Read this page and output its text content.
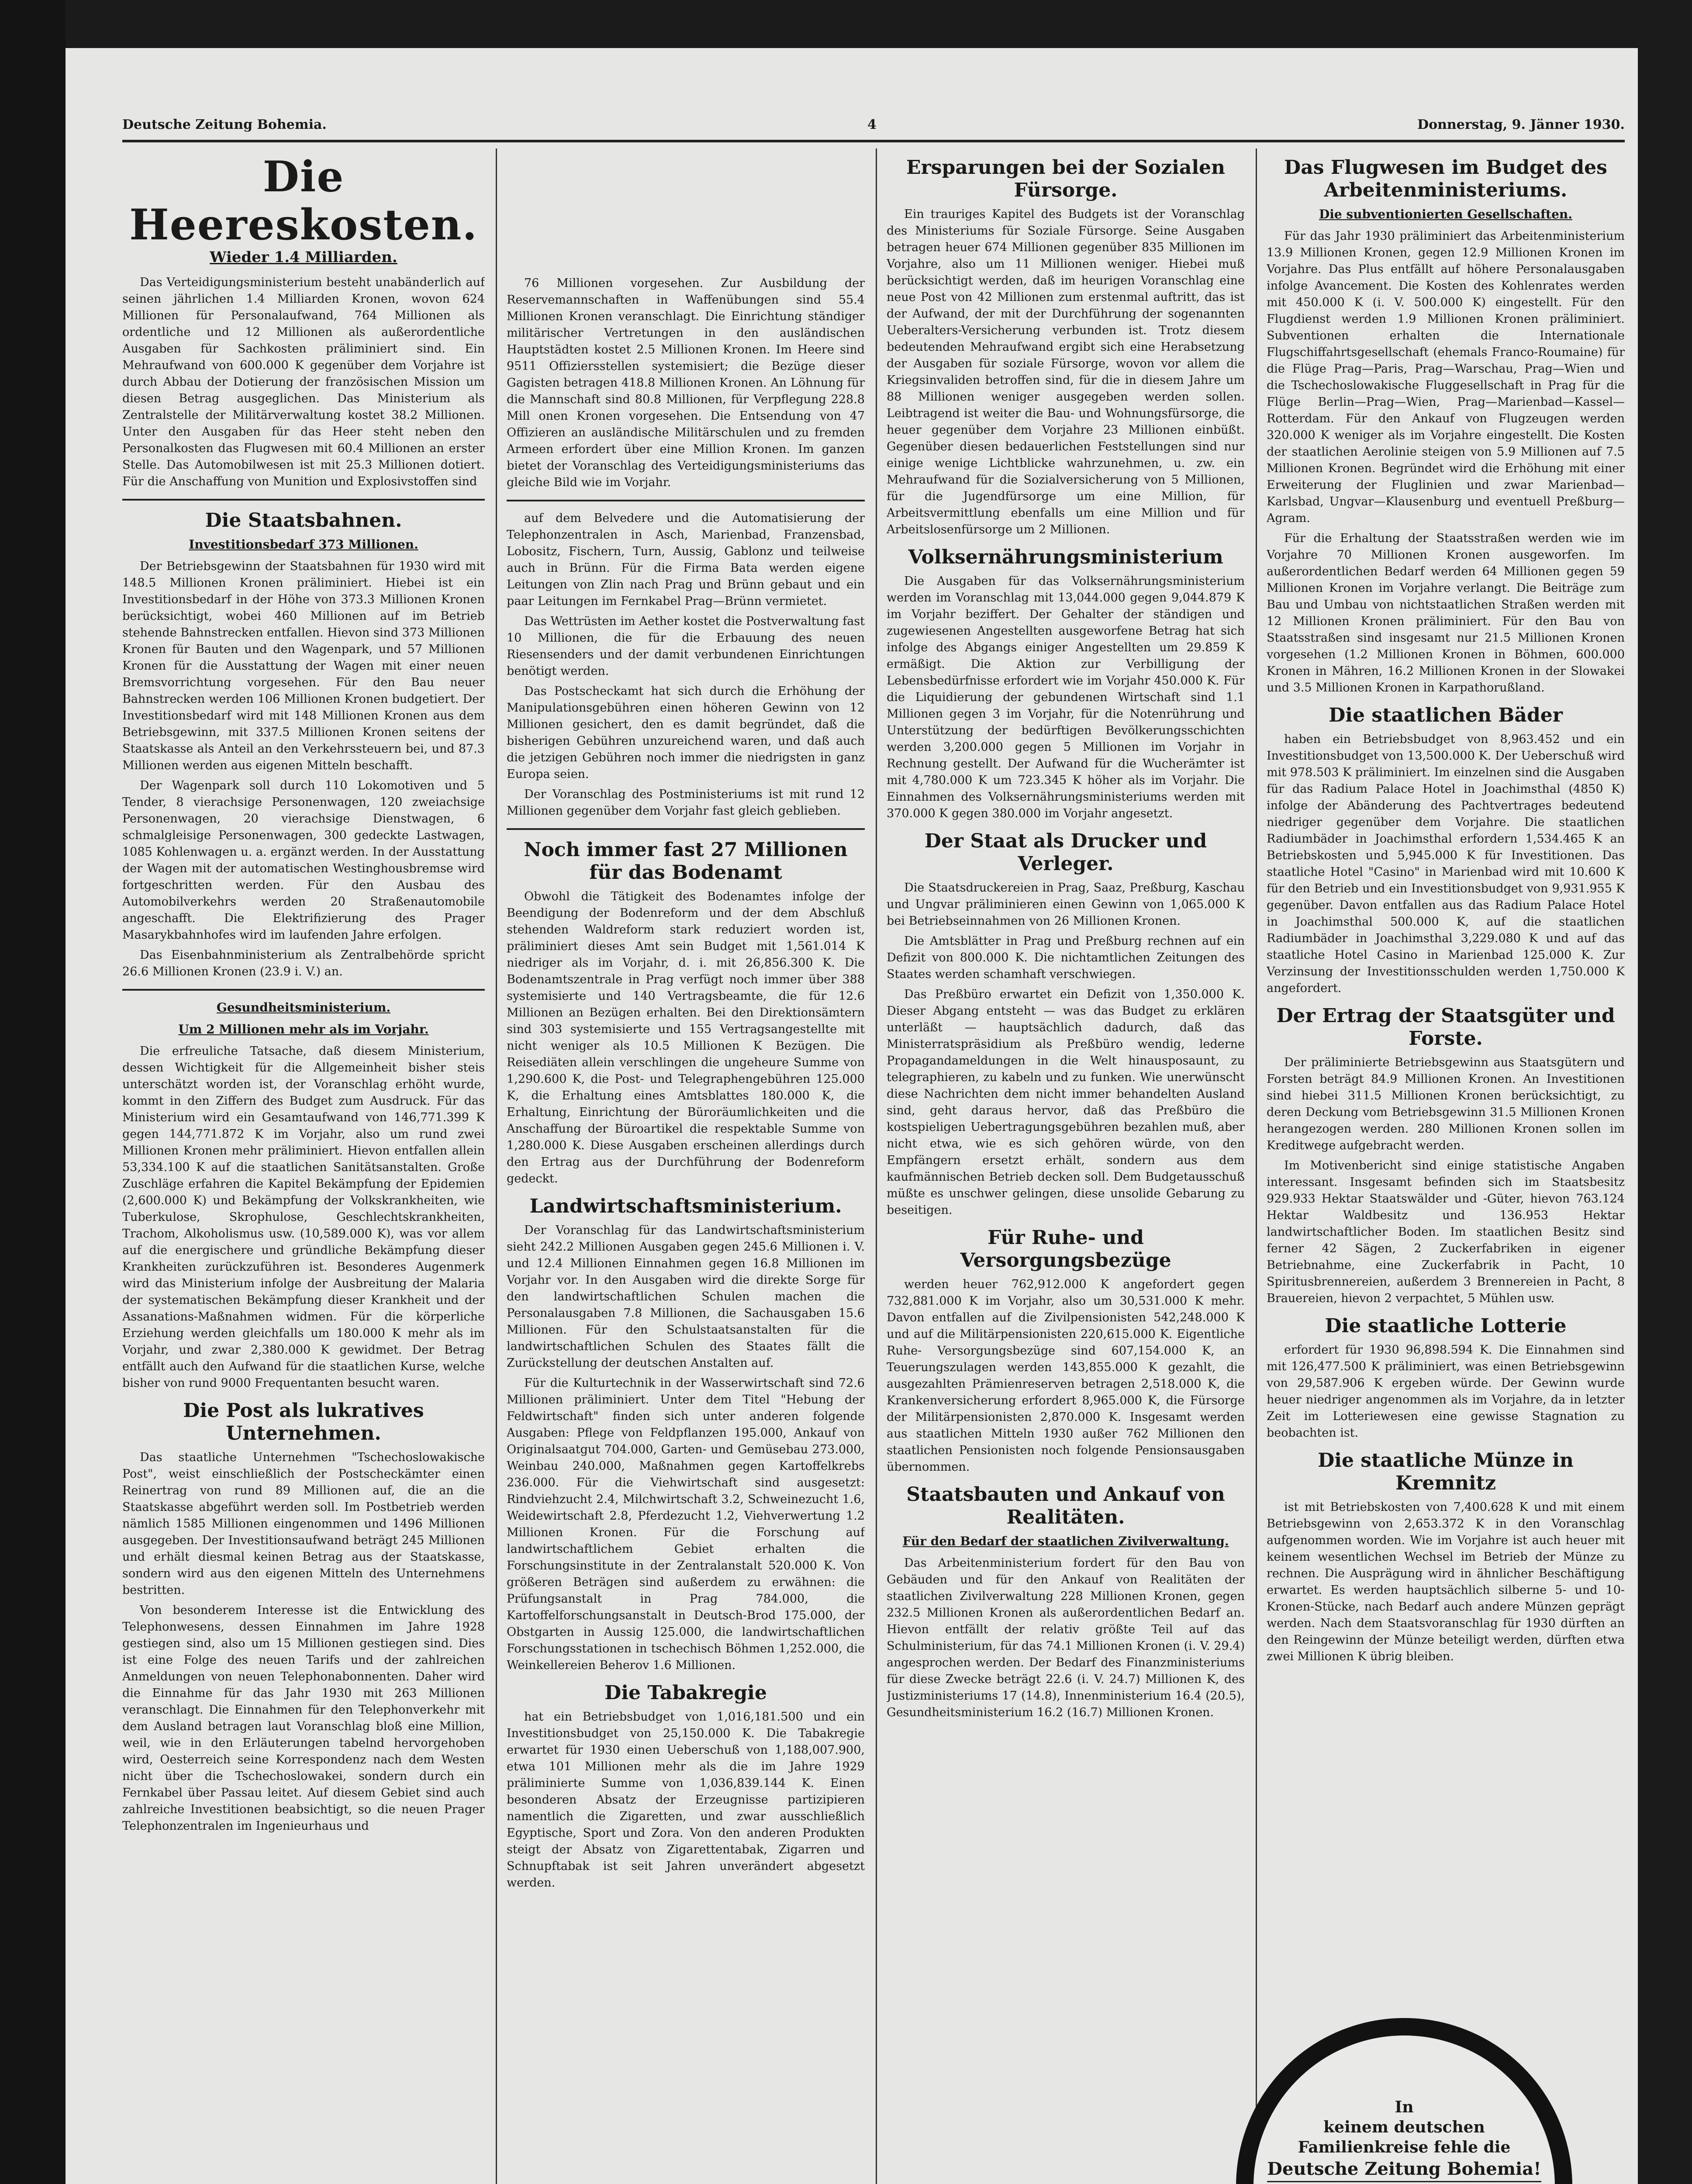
Deutsche Zeitung Bohemia.	4	Donnerstag, 9. Jänner 1930.
Die Heereskosten.
Wieder 1.4 Milliarden.

Das Verteidigungsministerium besteht unabänderlich auf seinen jährlichen 1.4 Milliarden Kronen, wovon 624 Millionen für Personalaufwand, 764 Millionen als ordentliche und 12 Millionen als außerordentliche Ausgaben für Sachkosten präliminiert sind. Ein Mehraufwand von 600.000 K gegenüber dem Vorjahre ist durch Abbau der Dotierung der französischen Mission um diesen Betrag ausgeglichen. Das Ministerium als Zentralstelle der Militärverwaltung kostet 38.2 Millionen. Unter den Ausgaben für das Heer steht neben den Personalkosten das Flugwesen mit 60.4 Millionen an erster Stelle. Das Automobilwesen ist mit 25.3 Millionen dotiert. Für die Anschaffung von Munition und Explosivstoffen sind

Die Staatsbahnen.
Investitionsbedarf 373 Millionen.

Der Betriebsgewinn der Staatsbahnen für 1930 wird mit 148.5 Millionen Kronen präliminiert. Hiebei ist ein Investitionsbedarf in der Höhe von 373.3 Millionen Kronen berücksichtigt, wobei 460 Millionen auf im Betrieb stehende Bahnstrecken entfallen. Hievon sind 373 Millionen Kronen für Bauten und den Wagenpark, und 57 Millionen Kronen für die Ausstattung der Wagen mit einer neuen Bremsvorrichtung vorgesehen. Für den Bau neuer Bahnstrecken werden 106 Millionen Kronen budgetiert. Der Investitionsbedarf wird mit 148 Millionen Kronen aus dem Betriebsgewinn, mit 337.5 Millionen Kronen seitens der Staatskasse als Anteil an den Verkehrssteuern bei, und 87.3 Millionen werden aus eigenen Mitteln beschafft.

Der Wagenpark soll durch 110 Lokomotiven und 5 Tender, 8 vierachsige Personenwagen, 120 zweiachsige Personenwagen, 20 vierachsige Dienstwagen, 6 schmalgleisige Personenwagen, 300 gedeckte Lastwagen, 1085 Kohlenwagen u. a. ergänzt werden. In der Ausstattung der Wagen mit der automatischen Westinghousbremse wird fortgeschritten werden. Für den Ausbau des Automobilverkehrs werden 20 Straßenautomobile angeschafft. Die Elektrifizierung des Prager Masarykbahnhofes wird im laufenden Jahre erfolgen.

Das Eisenbahnministerium als Zentralbehörde spricht 26.6 Millionen Kronen (23.9 i. V.) an.

Gesundheitsministerium.
Um 2 Millionen mehr als im Vorjahr.

Die erfreuliche Tatsache, daß diesem Ministerium, dessen Wichtigkeit für die Allgemeinheit bisher steis unterschätzt worden ist, der Voranschlag erhöht wurde, kommt in den Ziffern des Budget zum Ausdruck. Für das Ministerium wird ein Gesamtaufwand von 146,771.399 K gegen 144,771.872 K im Vorjahr, also um rund zwei Millionen Kronen mehr präliminiert. Hievon entfallen allein 53,334.100 K auf die staatlichen Sanitätsanstalten. Große Zuschläge erfahren die Kapitel Bekämpfung der Epidemien (2,600.000 K) und Bekämpfung der Volkskrankheiten, wie Tuberkulose, Skrophulose, Geschlechtskrankheiten, Trachom, Alkoholismus usw. (10,589.000 K), was vor allem auf die energischere und gründliche Bekämpfung dieser Krankheiten zurückzuführen ist. Besonderes Augenmerk wird das Ministerium infolge der Ausbreitung der Malaria der systematischen Bekämpfung dieser Krankheit und der Assanations-Maßnahmen widmen. Für die körperliche Erziehung werden gleichfalls um 180.000 K mehr als im Vorjahr, und zwar 2,380.000 K gewidmet. Der Betrag entfällt auch den Aufwand für die staatlichen Kurse, welche bisher von rund 9000 Frequentanten besucht waren.

Die Post als lukratives Unternehmen.

Das staatliche Unternehmen "Tschechoslowakische Post", weist einschließlich der Postscheckämter einen Reinertrag von rund 89 Millionen auf, die an die Staatskasse abgeführt werden soll. Im Postbetrieb werden nämlich 1585 Millionen eingenommen und 1496 Millionen ausgegeben. Der Investitionsaufwand beträgt 245 Millionen und erhält diesmal keinen Betrag aus der Staatskasse, sondern wird aus den eigenen Mitteln des Unternehmens bestritten.

Von besonderem Interesse ist die Entwicklung des Telephonwesens, dessen Einnahmen im Jahre 1928 gestiegen sind, also um 15 Millionen gestiegen sind. Dies ist eine Folge des neuen Tarifs und der zahlreichen Anmeldungen von neuen Telephonabonnenten. Daher wird die Einnahme für das Jahr 1930 mit 263 Millionen veranschlagt. Die Einnahmen für den Telephonverkehr mit dem Ausland betragen laut Voranschlag bloß eine Million, weil, wie in den Erläuterungen tabelnd hervorgehoben wird, Oesterreich seine Korrespondenz nach dem Westen nicht über die Tschechoslowakei, sondern durch ein Fernkabel über Passau leitet. Auf diesem Gebiet sind auch zahlreiche Investitionen beabsichtigt, so die neuen Prager Telephonzentralen im Ingenieurhaus und

76 Millionen vorgesehen. Zur Ausbildung der Reservemannschaften in Waffenübungen sind 55.4 Millionen Kronen veranschlagt. Die Einrichtung ständiger militärischer Vertretungen in den ausländischen Hauptstädten kostet 2.5 Millionen Kronen. Im Heere sind 9511 Offiziersstellen systemisiert; die Bezüge dieser Gagisten betragen 418.8 Millionen Kronen. An Löhnung für die Mannschaft sind 80.8 Millionen, für Verpflegung 228.8 Mill onen Kronen vorgesehen. Die Entsendung von 47 Offizieren an ausländische Militärschulen und zu fremden Armeen erfordert über eine Million Kronen. Im ganzen bietet der Voranschlag des Verteidigungsministeriums das gleiche Bild wie im Vorjahr.

auf dem Belvedere und die Automatisierung der Telephonzentralen in Asch, Marienbad, Franzensbad, Lobositz, Fischern, Turn, Aussig, Gablonz und teilweise auch in Brünn. Für die Firma Bata werden eigene Leitungen von Zlin nach Prag und Brünn gebaut und ein paar Leitungen im Fernkabel Prag—Brünn vermietet.

Das Wettrüsten im Aether kostet die Postverwaltung fast 10 Millionen, die für die Erbauung des neuen Riesensenders und der damit verbundenen Einrichtungen benötigt werden.

Das Postscheckamt hat sich durch die Erhöhung der Manipulationsgebühren einen höheren Gewinn von 12 Millionen gesichert, den es damit begründet, daß die bisherigen Gebühren unzureichend waren, und daß auch die jetzigen Gebühren noch immer die niedrigsten in ganz Europa seien.

Der Voranschlag des Postministeriums ist mit rund 12 Millionen gegenüber dem Vorjahr fast gleich geblieben.

Noch immer fast 27 Millionen für das Bodenamt

Obwohl die Tätigkeit des Bodenamtes infolge der Beendigung der Bodenreform und der dem Abschluß stehenden Waldreform stark reduziert worden ist, präliminiert dieses Amt sein Budget mit 1,561.014 K niedriger als im Vorjahr, d. i. mit 26,856.300 K. Die Bodenamtszentrale in Prag verfügt noch immer über 388 systemisierte und 140 Vertragsbeamte, die für 12.6 Millionen an Bezügen erhalten. Bei den Direktionsämtern sind 303 systemisierte und 155 Vertragsangestellte mit nicht weniger als 10.5 Millionen K Bezügen. Die Reisediäten allein verschlingen die ungeheure Summe von 1,290.600 K, die Post- und Telegraphengebühren 125.000 K, die Erhaltung eines Amtsblattes 180.000 K, die Erhaltung, Einrichtung der Büroräumlichkeiten und die Anschaffung der Büroartikel die respektable Summe von 1,280.000 K. Diese Ausgaben erscheinen allerdings durch den Ertrag aus der Durchführung der Bodenreform gedeckt.

Landwirtschaftsministerium.

Der Voranschlag für das Landwirtschaftsministerium sieht 242.2 Millionen Ausgaben gegen 245.6 Millionen i. V. und 12.4 Millionen Einnahmen gegen 16.8 Millionen im Vorjahr vor. In den Ausgaben wird die direkte Sorge für den landwirtschaftlichen Schulen machen die Personalausgaben 7.8 Millionen, die Sachausgaben 15.6 Millionen. Für den Schulstaatsanstalten für die landwirtschaftlichen Schulen des Staates fällt die Zurückstellung der deutschen Anstalten auf.

Für die Kulturtechnik in der Wasserwirtschaft sind 72.6 Millionen präliminiert. Unter dem Titel "Hebung der Feldwirtschaft" finden sich unter anderen folgende Ausgaben: Pflege von Feldpflanzen 195.000, Ankauf von Originalsaatgut 704.000, Garten- und Gemüsebau 273.000, Weinbau 240.000, Maßnahmen gegen Kartoffelkrebs 236.000. Für die Viehwirtschaft sind ausgesetzt: Rindviehzucht 2.4, Milchwirtschaft 3.2, Schweinezucht 1.6, Weidewirtschaft 2.8, Pferdezucht 1.2, Viehverwertung 1.2 Millionen Kronen. Für die Forschung auf landwirtschaftlichem Gebiet erhalten die Forschungsinstitute in der Zentralanstalt 520.000 K. Von größeren Beträgen sind außerdem zu erwähnen: die Prüfungsanstalt in Prag 784.000, die Kartoffelforschungsanstalt in Deutsch-Brod 175.000, der Obstgarten in Aussig 125.000, die landwirtschaftlichen Forschungsstationen in tschechisch Böhmen 1,252.000, die Weinkellereien Beherov 1.6 Millionen.

Die Tabakregie

hat ein Betriebsbudget von 1,016,181.500 und ein Investitionsbudget von 25,150.000 K. Die Tabakregie erwartet für 1930 einen Ueberschuß von 1,188,007.900, etwa 101 Millionen mehr als die im Jahre 1929 präliminierte Summe von 1,036,839.144 K. Einen besonderen Absatz der Erzeugnisse partizipieren namentlich die Zigaretten, und zwar ausschließlich Egyptische, Sport und Zora. Von den anderen Produkten steigt der Absatz von Zigarettentabak, Zigarren und Schnupftabak ist seit Jahren unverändert abgesetzt werden.

Ersparungen bei der Sozialen Fürsorge.

Ein trauriges Kapitel des Budgets ist der Voranschlag des Ministeriums für Soziale Fürsorge. Seine Ausgaben betragen heuer 674 Millionen gegenüber 835 Millionen im Vorjahre, also um 11 Millionen weniger. Hiebei muß berücksichtigt werden, daß im heurigen Voranschlag eine neue Post von 42 Millionen zum erstenmal auftritt, das ist der Aufwand, der mit der Durchführung der sogenannten Ueberalters-Versicherung verbunden ist. Trotz diesem bedeutenden Mehraufwand ergibt sich eine Herabsetzung der Ausgaben für soziale Fürsorge, wovon vor allem die Kriegsinvaliden betroffen sind, für die in diesem Jahre um 88 Millionen weniger ausgegeben werden sollen. Leibtragend ist weiter die Bau- und Wohnungsfürsorge, die heuer gegenüber dem Vorjahre 23 Millionen einbüßt. Gegenüber diesen bedauerlichen Feststellungen sind nur einige wenige Lichtblicke wahrzunehmen, u. zw. ein Mehraufwand für die Sozialversicherung von 5 Millionen, für die Jugendfürsorge um eine Million, für Arbeitsvermittlung ebenfalls um eine Million und für Arbeitslosenfürsorge um 2 Millionen.

Volksernährungsministerium

Die Ausgaben für das Volksernährungsministerium werden im Voranschlag mit 13,044.000 gegen 9,044.879 K im Vorjahr beziffert. Der Gehalter der ständigen und zugewiesenen Angestellten ausgeworfene Betrag hat sich infolge des Abgangs einiger Angestellten um 29.859 K ermäßigt. Die Aktion zur Verbilligung der Lebensbedürfnisse erfordert wie im Vorjahr 450.000 K. Für die Liquidierung der gebundenen Wirtschaft sind 1.1 Millionen gegen 3 im Vorjahr, für die Notenrührung und Unterstützung der bedürftigen Bevölkerungsschichten werden 3,200.000 gegen 5 Millionen im Vorjahr in Rechnung gestellt. Der Aufwand für die Wucherämter ist mit 4,780.000 K um 723.345 K höher als im Vorjahr. Die Einnahmen des Volksernährungsministeriums werden mit 370.000 K gegen 380.000 im Vorjahr angesetzt.

Der Staat als Drucker und Verleger.

Die Staatsdruckereien in Prag, Saaz, Preßburg, Kaschau und Ungvar präliminieren einen Gewinn von 1,065.000 K bei Betriebseinnahmen von 26 Millionen Kronen.

Die Amtsblätter in Prag und Preßburg rechnen auf ein Defizit von 800.000 K. Die nichtamtlichen Zeitungen des Staates werden schamhaft verschwiegen.

Das Preßbüro erwartet ein Defizit von 1,350.000 K. Dieser Abgang entsteht — was das Budget zu erklären unterläßt — hauptsächlich dadurch, daß das Ministerratspräsidium als Preßbüro wendig, lederne Propagandameldungen in die Welt hinausposaunt, zu telegraphieren, zu kabeln und zu funken. Wie unerwünscht diese Nachrichten dem nicht immer behandelten Ausland sind, geht daraus hervor, daß das Preßbüro die kostspieligen Uebertragungsgebühren bezahlen muß, aber nicht etwa, wie es sich gehören würde, von den Empfängern ersetzt erhält, sondern aus dem kaufmännischen Betrieb decken soll. Dem Budgetausschuß müßte es unschwer gelingen, diese unsolide Gebarung zu beseitigen.

Für Ruhe- und Versorgungsbezüge

werden heuer 762,912.000 K angefordert gegen 732,881.000 K im Vorjahr, also um 30,531.000 K mehr. Davon entfallen auf die Zivilpensionisten 542,248.000 K und auf die Militärpensionisten 220,615.000 K. Eigentliche Ruhe- Versorgungsbezüge sind 607,154.000 K, an Teuerungszulagen werden 143,855.000 K gezahlt, die ausgezahlten Prämienreserven betragen 2,518.000 K, die Krankenversicherung erfordert 8,965.000 K, die Fürsorge der Militärpensionisten 2,870.000 K. Insgesamt werden aus staatlichen Mitteln 1930 außer 762 Millionen den staatlichen Pensionisten noch folgende Pensionsausgaben übernommen.

Staatsbauten und Ankauf von Realitäten.
Für den Bedarf der staatlichen Zivilverwaltung.

Das Arbeitenministerium fordert für den Bau von Gebäuden und für den Ankauf von Realitäten der staatlichen Zivilverwaltung 228 Millionen Kronen, gegen 232.5 Millionen Kronen als außerordentlichen Bedarf an. Hievon entfällt der relativ größte Teil auf das Schulministerium, für das 74.1 Millionen Kronen (i. V. 29.4) angesprochen werden. Der Bedarf des Finanzministeriums für diese Zwecke beträgt 22.6 (i. V. 24.7) Millionen K, des Justizministeriums 17 (14.8), Innenministerium 16.4 (20.5), Gesundheitsministerium 16.2 (16.7) Millionen Kronen.

Das Flugwesen im Budget des Arbeitenministeriums.
Die subventionierten Gesellschaften.

Für das Jahr 1930 präliminiert das Arbeitenministerium 13.9 Millionen Kronen, gegen 12.9 Millionen Kronen im Vorjahre. Das Plus entfällt auf höhere Personalausgaben infolge Avancement. Die Kosten des Kohlenrates werden mit 450.000 K (i. V. 500.000 K) eingestellt. Für den Flugdienst werden 1.9 Millionen Kronen präliminiert. Subventionen erhalten die Internationale Flugschiffahrtsgesellschaft (ehemals Franco-Roumaine) für die Flüge Prag—Paris, Prag—Warschau, Prag—Wien und die Tschechoslowakische Fluggesellschaft in Prag für die Flüge Berlin—Prag—Wien, Prag—Marienbad—Kassel—Rotterdam. Für den Ankauf von Flugzeugen werden 320.000 K weniger als im Vorjahre eingestellt. Die Kosten der staatlichen Aerolinie steigen von 5.9 Millionen auf 7.5 Millionen Kronen. Begründet wird die Erhöhung mit einer Erweiterung der Fluglinien und zwar Marienbad—Karlsbad, Ungvar—Klausenburg und eventuell Preßburg—Agram.

Für die Erhaltung der Staatsstraßen werden wie im Vorjahre 70 Millionen Kronen ausgeworfen. Im außerordentlichen Bedarf werden 64 Millionen gegen 59 Millionen Kronen im Vorjahre verlangt. Die Beiträge zum Bau und Umbau von nichtstaatlichen Straßen werden mit 12 Millionen Kronen präliminiert. Für den Bau von Staatsstraßen sind insgesamt nur 21.5 Millionen Kronen vorgesehen (1.2 Millionen Kronen in Böhmen, 600.000 Kronen in Mähren, 16.2 Millionen Kronen in der Slowakei und 3.5 Millionen Kronen in Karpathorußland.

Die staatlichen Bäder

haben ein Betriebsbudget von 8,963.452 und ein Investitionsbudget von 13,500.000 K. Der Ueberschuß wird mit 978.503 K präliminiert. Im einzelnen sind die Ausgaben für das Radium Palace Hotel in Joachimsthal (4850 K) infolge der Abänderung des Pachtvertrages bedeutend niedriger gegenüber dem Vorjahre. Die staatlichen Radiumbäder in Joachimsthal erfordern 1,534.465 K an Betriebskosten und 5,945.000 K für Investitionen. Das staatliche Hotel "Casino" in Marienbad wird mit 10.600 K für den Betrieb und ein Investitionsbudget von 9,931.955 K gegenüber. Davon entfallen aus das Radium Palace Hotel in Joachimsthal 500.000 K, auf die staatlichen Radiumbäder in Joachimsthal 3,229.080 K und auf das staatliche Hotel Casino in Marienbad 125.000 K. Zur Verzinsung der Investitionsschulden werden 1,750.000 K angefordert.

Der Ertrag der Staatsgüter und Forste.

Der präliminierte Betriebsgewinn aus Staatsgütern und Forsten beträgt 84.9 Millionen Kronen. An Investitionen sind hiebei 311.5 Millionen Kronen berücksichtigt, zu deren Deckung vom Betriebsgewinn 31.5 Millionen Kronen herangezogen werden. 280 Millionen Kronen sollen im Kreditwege aufgebracht werden.

Im Motivenbericht sind einige statistische Angaben interessant. Insgesamt befinden sich im Staatsbesitz 929.933 Hektar Staatswälder und -Güter, hievon 763.124 Hektar Waldbesitz und 136.953 Hektar landwirtschaftlicher Boden. Im staatlichen Besitz sind ferner 42 Sägen, 2 Zuckerfabriken in eigener Betriebnahme, eine Zuckerfabrik in Pacht, 10 Spiritusbrennereien, außerdem 3 Brennereien in Pacht, 8 Brauereien, hievon 2 verpachtet, 5 Mühlen usw.

Die staatliche Lotterie

erfordert für 1930 96,898.594 K. Die Einnahmen sind mit 126,477.500 K präliminiert, was einen Betriebsgewinn von 29,587.906 K ergeben würde. Der Gewinn wurde heuer niedriger angenommen als im Vorjahre, da in letzter Zeit im Lotteriewesen eine gewisse Stagnation zu beobachten ist.

Die staatliche Münze in Kremnitz

ist mit Betriebskosten von 7,400.628 K und mit einem Betriebsgewinn von 2,653.372 K in den Voranschlag aufgenommen worden. Wie im Vorjahre ist auch heuer mit keinem wesentlichen Wechsel im Betrieb der Münze zu rechnen. Die Ausprägung wird in ähnlicher Beschäftigung erwartet. Es werden hauptsächlich silberne 5- und 10-Kronen-Stücke, nach Bedarf auch andere Münzen geprägt werden. Nach dem Staatsvoranschlag für 1930 dürften an den Reingewinn der Münze beteiligt werden, dürften etwa zwei Millionen K übrig bleiben.

In
keinem deutschen
Familienkreise fehle die
Deutsche Zeitung Bohemia!
